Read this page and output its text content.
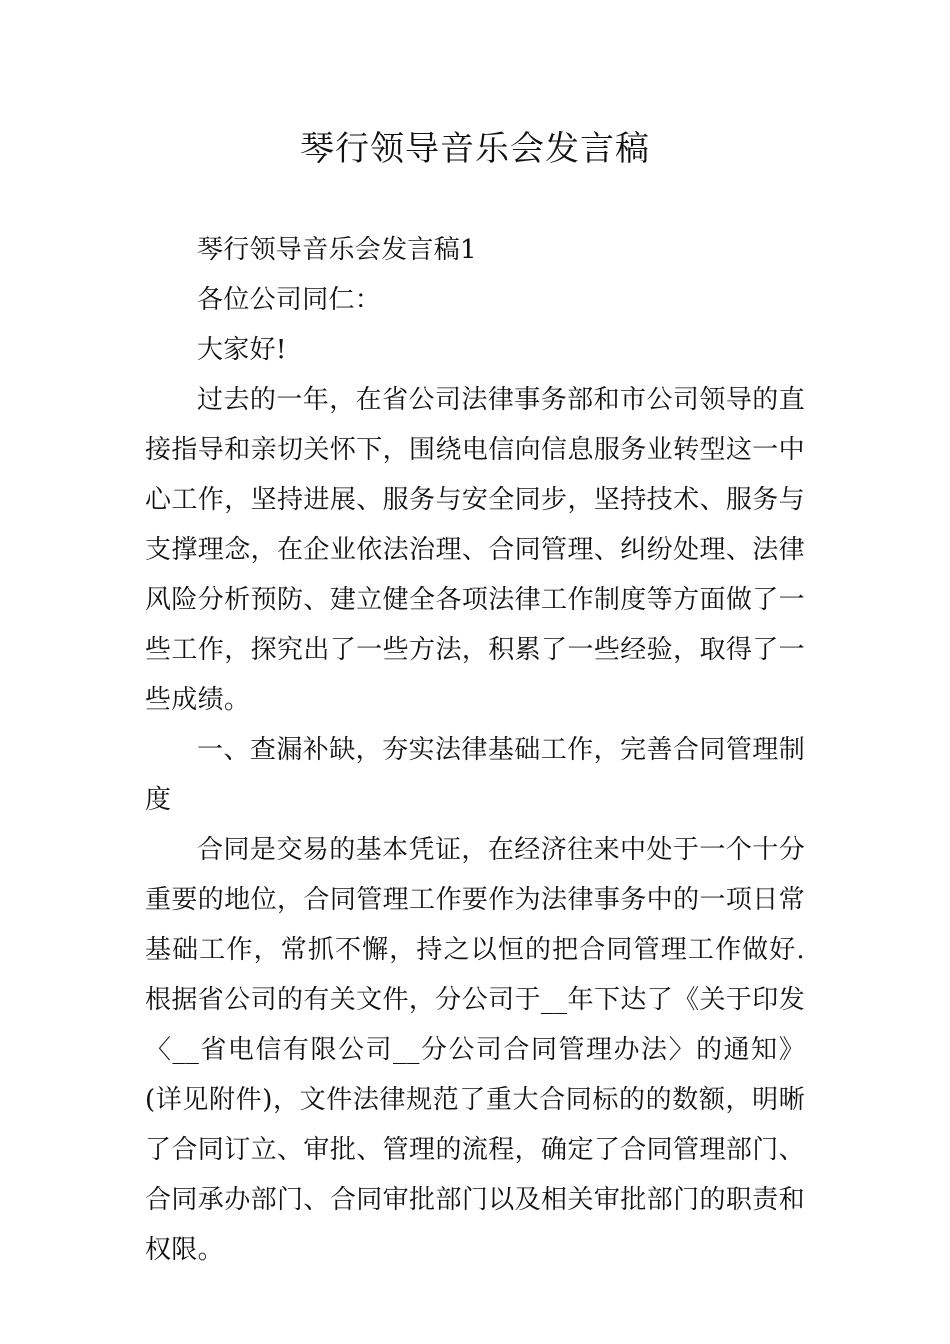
琴行领导音乐会发言稿

琴行领导音乐会发言稿1

各位公司同仁：

大家好!

过去的一年，在省公司法律事务部和市公司领导的直接指导和亲切关怀下，围绕电信向信息服务业转型这一中心工作，坚持进展、服务与安全同步，坚持技术、服务与支撑理念，在企业依法治理、合同管理、纠纷处理、法律风险分析预防、建立健全各项法律工作制度等方面做了一些工作，探究出了一些方法，积累了一些经验，取得了一些成绩。

一、查漏补缺，夯实法律基础工作，完善合同管理制度

合同是交易的基本凭证，在经济往来中处于一个十分重要的地位，合同管理工作要作为法律事务中的一项日常基础工作，常抓不懈，持之以恒的把合同管理工作做好.根据省公司的有关文件，分公司于__年下达了《关于印发〈__省电信有限公司__分公司合同管理办法〉的通知》(详见附件)，文件法律规范了重大合同标的的数额，明晰了合同订立、审批、管理的流程，确定了合同管理部门、合同承办部门、合同审批部门以及相关审批部门的职责和权限。
